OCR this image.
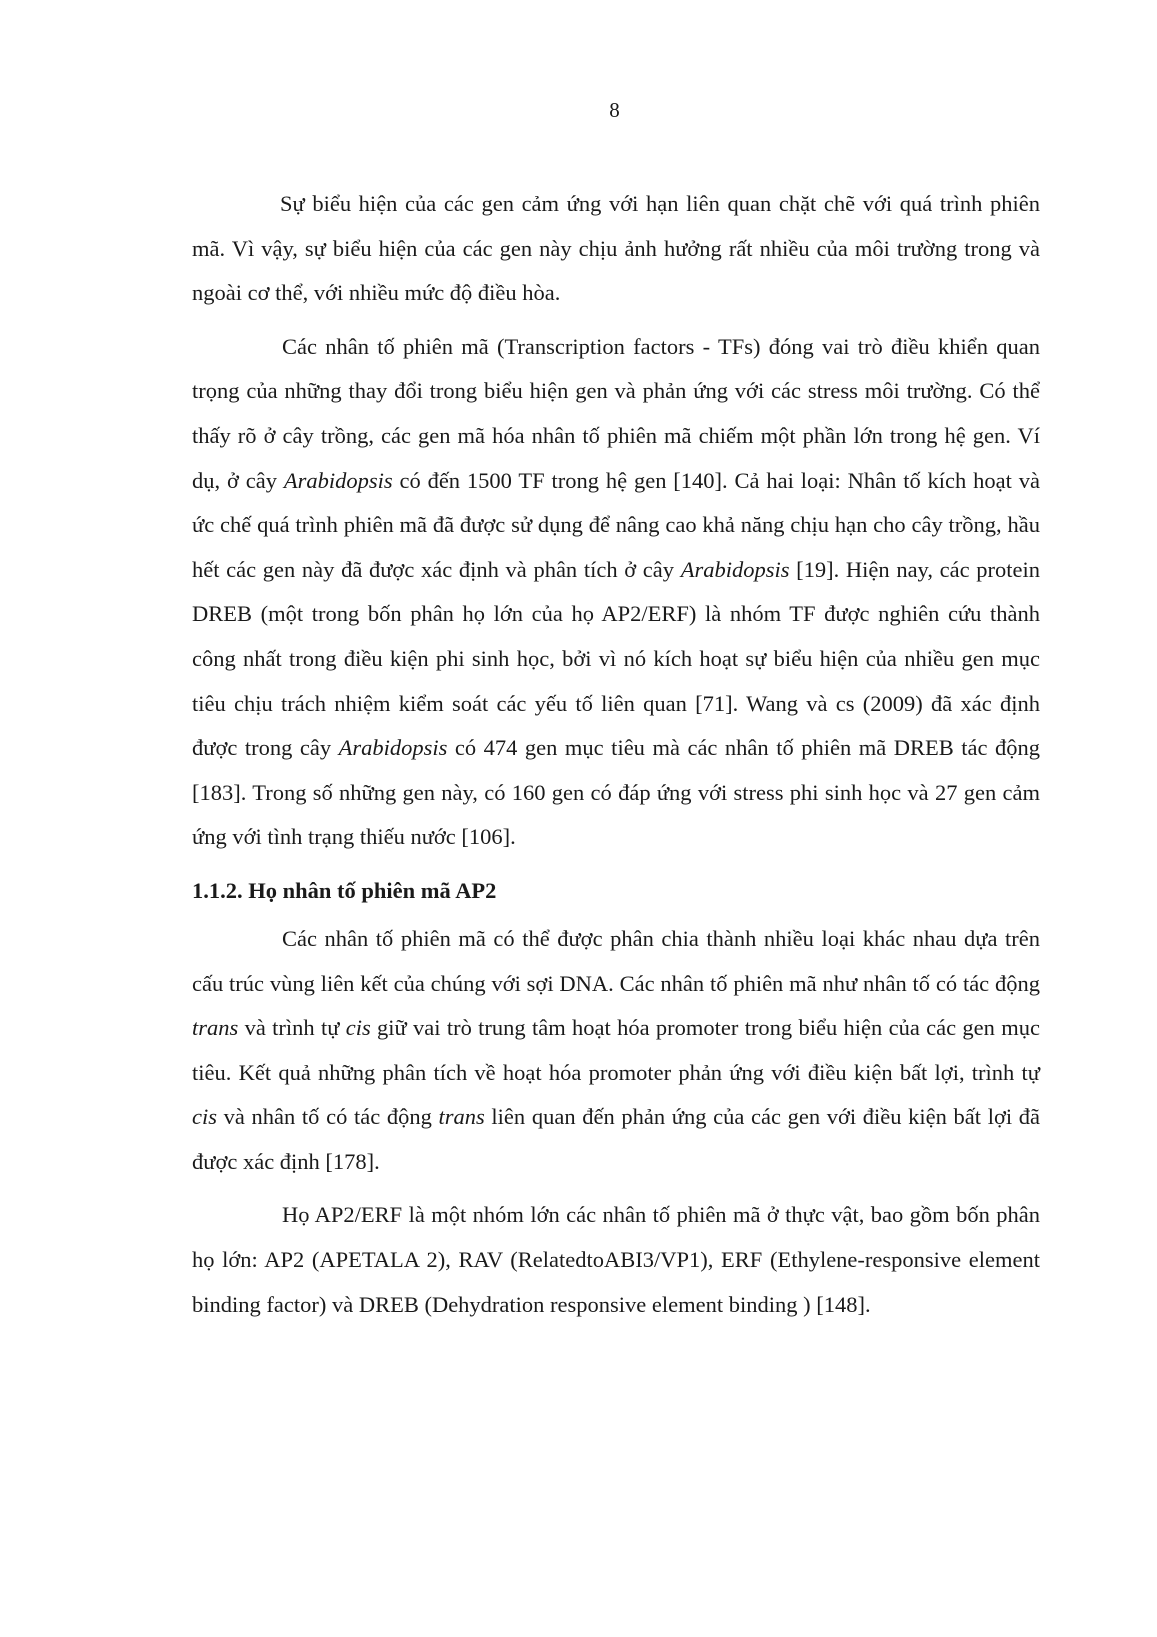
8

Sự biểu hiện của các gen cảm ứng với hạn liên quan chặt chẽ với quá trình phiên mã. Vì vậy, sự biểu hiện của các gen này chịu ảnh hưởng rất nhiều của môi trường trong và ngoài cơ thể, với nhiều mức độ điều hòa.

Các nhân tố phiên mã (Transcription factors - TFs) đóng vai trò điều khiển quan trọng của những thay đổi trong biểu hiện gen và phản ứng với các stress môi trường. Có thể thấy rõ ở cây trồng, các gen mã hóa nhân tố phiên mã chiếm một phần lớn trong hệ gen. Ví dụ, ở cây Arabidopsis có đến 1500 TF trong hệ gen [140]. Cả hai loại: Nhân tố kích hoạt và ức chế quá trình phiên mã đã được sử dụng để nâng cao khả năng chịu hạn cho cây trồng, hầu hết các gen này đã được xác định và phân tích ở cây Arabidopsis [19]. Hiện nay, các protein DREB (một trong bốn phân họ lớn của họ AP2/ERF) là nhóm TF được nghiên cứu thành công nhất trong điều kiện phi sinh học, bởi vì nó kích hoạt sự biểu hiện của nhiều gen mục tiêu chịu trách nhiệm kiểm soát các yếu tố liên quan [71]. Wang và cs (2009) đã xác định được trong cây Arabidopsis có 474 gen mục tiêu mà các nhân tố phiên mã DREB tác động [183]. Trong số những gen này, có 160 gen có đáp ứng với stress phi sinh học và 27 gen cảm ứng với tình trạng thiếu nước [106].

1.1.2. Họ nhân tố phiên mã AP2

Các nhân tố phiên mã có thể được phân chia thành nhiều loại khác nhau dựa trên cấu trúc vùng liên kết của chúng với sợi DNA. Các nhân tố phiên mã như nhân tố có tác động trans và trình tự cis giữ vai trò trung tâm hoạt hóa promoter trong biểu hiện của các gen mục tiêu. Kết quả những phân tích về hoạt hóa promoter phản ứng với điều kiện bất lợi, trình tự cis và nhân tố có tác động trans liên quan đến phản ứng của các gen với điều kiện bất lợi đã được xác định [178].

Họ AP2/ERF là một nhóm lớn các nhân tố phiên mã ở thực vật, bao gồm bốn phân họ lớn: AP2 (APETALA 2), RAV (RelatedtoABI3/VP1), ERF (Ethylene-responsive element binding factor) và DREB (Dehydration responsive element binding ) [148].
